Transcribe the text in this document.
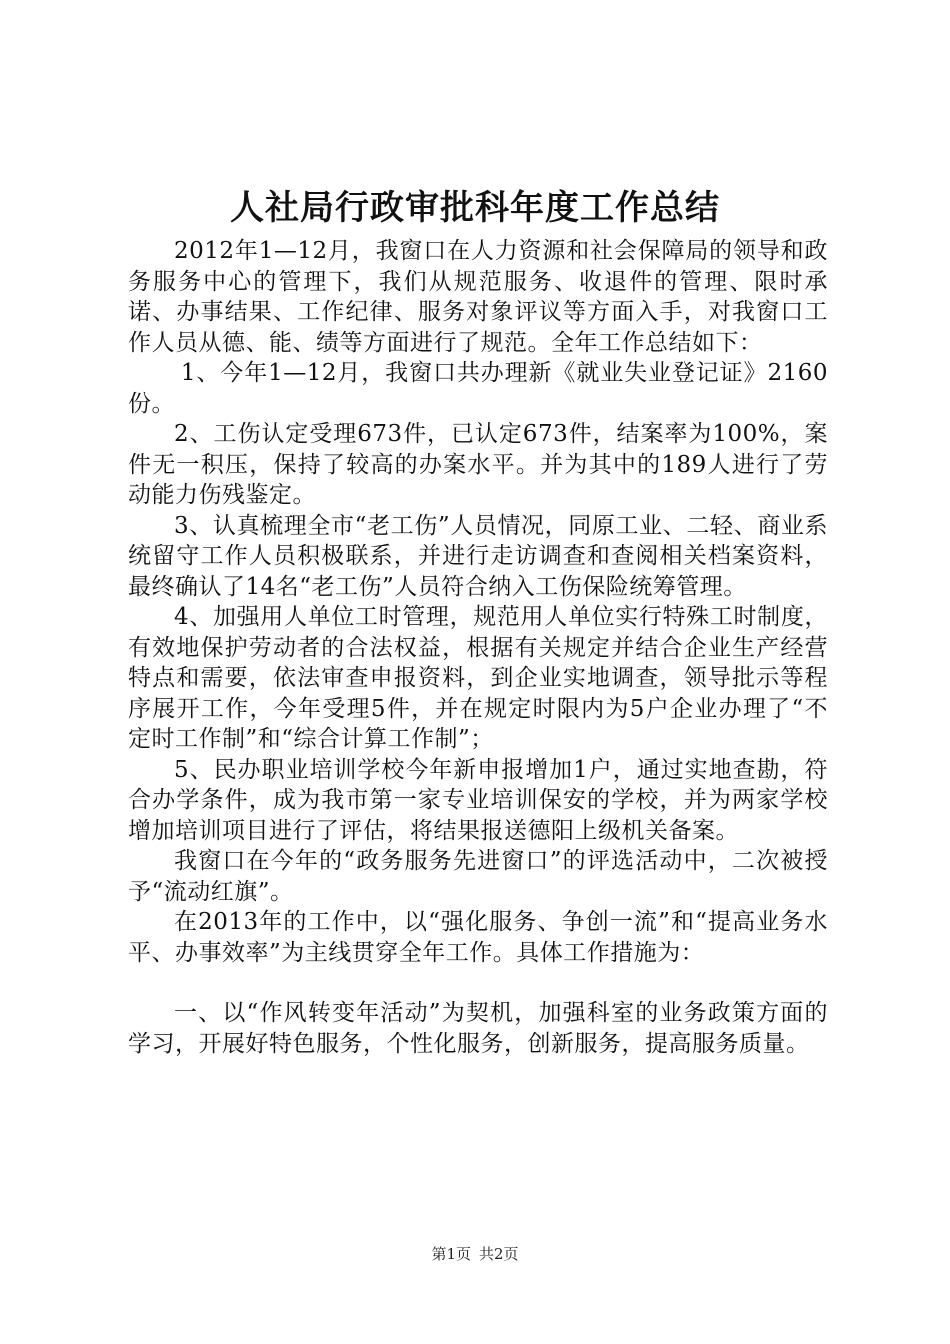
人社局行政审批科年度工作总结

2012年1—12月，我窗口在人力资源和社会保障局的领导和政务服务中心的管理下，我们从规范服务、收退件的管理、限时承诺、办事结果、工作纪律、服务对象评议等方面入手，对我窗口工作人员从德、能、绩等方面进行了规范。全年工作总结如下：

1、今年1—12月，我窗口共办理新《就业失业登记证》2160份。

2、工伤认定受理673件，已认定673件，结案率为100%，案件无一积压，保持了较高的办案水平。并为其中的189人进行了劳动能力伤残鉴定。

3、认真梳理全市“老工伤”人员情况，同原工业、二轻、商业系统留守工作人员积极联系，并进行走访调查和查阅相关档案资料，最终确认了14名“老工伤”人员符合纳入工伤保险统筹管理。

4、加强用人单位工时管理，规范用人单位实行特殊工时制度，有效地保护劳动者的合法权益，根据有关规定并结合企业生产经营特点和需要，依法审查申报资料，到企业实地调查，领导批示等程序展开工作，今年受理5件，并在规定时限内为5户企业办理了“不定时工作制”和“综合计算工作制”；

5、民办职业培训学校今年新申报增加1户，通过实地查勘，符合办学条件，成为我市第一家专业培训保安的学校，并为两家学校增加培训项目进行了评估，将结果报送德阳上级机关备案。

我窗口在今年的“政务服务先进窗口”的评选活动中，二次被授予“流动红旗”。

在2013年的工作中，以“强化服务、争创一流”和“提高业务水平、办事效率”为主线贯穿全年工作。具体工作措施为：

一、以“作风转变年活动”为契机，加强科室的业务政策方面的学习，开展好特色服务，个性化服务，创新服务，提高服务质量。

第1页 共2页
